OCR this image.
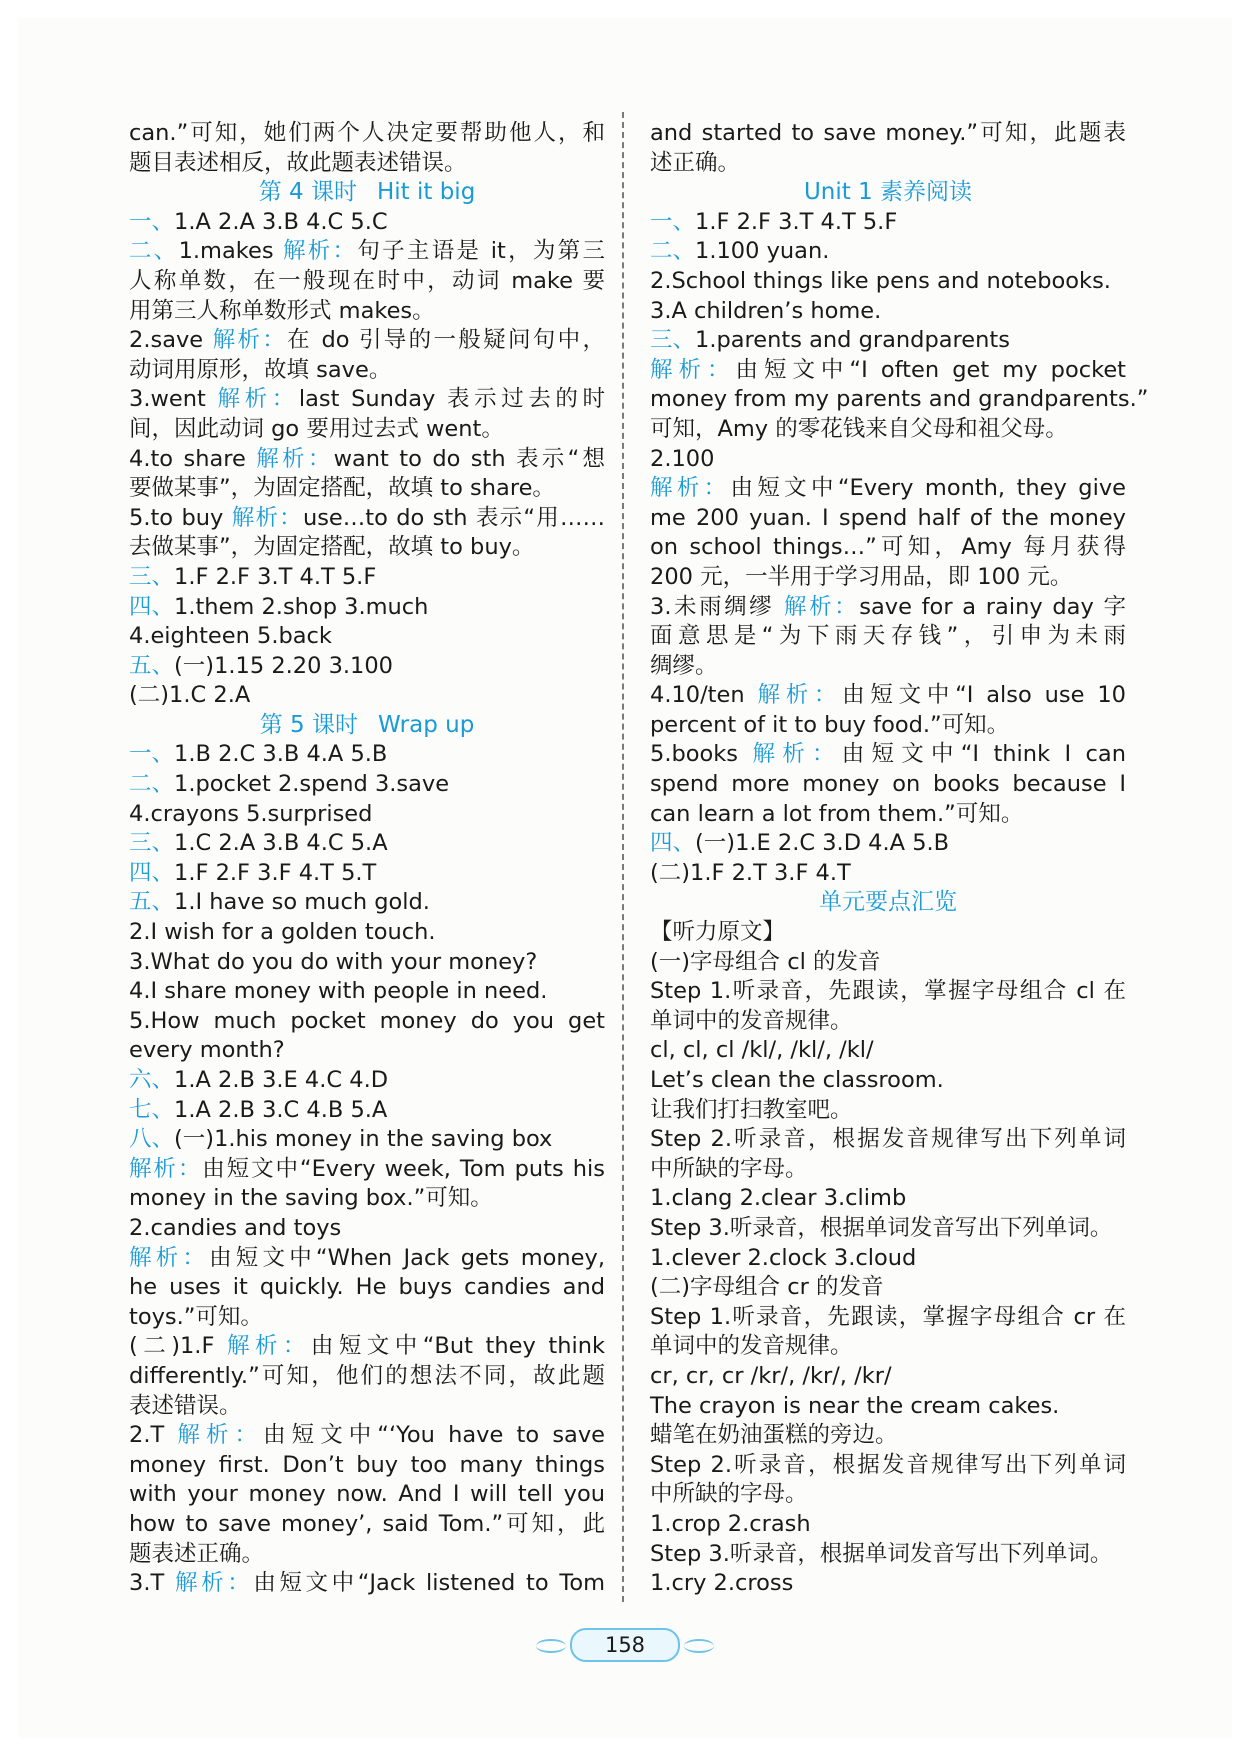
can.”可知，她们两个人决定要帮助他人，和
题目表述相反，故此题表述错误。
第 4 课时 Hit it big
一、1.A 2.A 3.B 4.C 5.C
二、1.makes 解析：句子主语是 it，为第三
人称单数，在一般现在时中，动词 make 要
用第三人称单数形式 makes。
2.save 解析：在 do 引导的一般疑问句中，
动词用原形，故填 save。
3.went 解析：last Sunday 表示过去的时
间，因此动词 go 要用过去式 went。
4.to share 解析：want to do sth 表示“想
要做某事”，为固定搭配，故填 to share。
5.to buy 解析：use…to do sth 表示“用……
去做某事”，为固定搭配，故填 to buy。
三、1.F 2.F 3.T 4.T 5.F
四、1.them 2.shop 3.much
4.eighteen 5.back
五、(一)1.15 2.20 3.100
(二)1.C 2.A
第 5 课时 Wrap up
一、1.B 2.C 3.B 4.A 5.B
二、1.pocket 2.spend 3.save
4.crayons 5.surprised
三、1.C 2.A 3.B 4.C 5.A
四、1.F 2.F 3.F 4.T 5.T
五、1.I have so much gold.
2.I wish for a golden touch.
3.What do you do with your money?
4.I share money with people in need.
5.How much pocket money do you get
every month?
六、1.A 2.B 3.E 4.C 4.D
七、1.A 2.B 3.C 4.B 5.A
八、(一)1.his money in the saving box
解析：由短文中“Every week, Tom puts his
money in the saving box.”可知。
2.candies and toys
解析：由短文中“When Jack gets money,
he uses it quickly. He buys candies and
toys.”可知。
(二)1.F 解析：由短文中“But they think
differently.”可知，他们的想法不同，故此题
表述错误。
2.T 解析：由短文中“‘You have to save
money first. Don’t buy too many things
with your money now. And I will tell you
how to save money’, said Tom.”可知，此
题表述正确。
3.T 解析：由短文中“Jack listened to Tom
and started to save money.”可知，此题表
述正确。
Unit 1 素养阅读
一、1.F 2.F 3.T 4.T 5.F
二、1.100 yuan.
2.School things like pens and notebooks.
3.A children’s home.
三、1.parents and grandparents
解析：由短文中“I often get my pocket
money from my parents and grandparents.”
可知，Amy 的零花钱来自父母和祖父母。
2.100
解析：由短文中“Every month, they give
me 200 yuan. I spend half of the money
on school things…”可知，Amy 每月获得
200 元，一半用于学习用品，即 100 元。
3.未雨绸缪 解析：save for a rainy day 字
面意思是“为下雨天存钱”，引申为未雨
绸缪。
4.10/ten 解析：由短文中“I also use 10
percent of it to buy food.”可知。
5.books 解析：由短文中“I think I can
spend more money on books because I
can learn a lot from them.”可知。
四、(一)1.E 2.C 3.D 4.A 5.B
(二)1.F 2.T 3.F 4.T
单元要点汇览
【听力原文】
(一)字母组合 cl 的发音
Step 1.听录音，先跟读，掌握字母组合 cl 在
单词中的发音规律。
cl, cl, cl /kl/, /kl/, /kl/
Let’s clean the classroom.
让我们打扫教室吧。
Step 2.听录音，根据发音规律写出下列单词
中所缺的字母。
1.clang 2.clear 3.climb
Step 3.听录音，根据单词发音写出下列单词。
1.clever 2.clock 3.cloud
(二)字母组合 cr 的发音
Step 1.听录音，先跟读，掌握字母组合 cr 在
单词中的发音规律。
cr, cr, cr /kr/, /kr/, /kr/
The crayon is near the cream cakes.
蜡笔在奶油蛋糕的旁边。
Step 2.听录音，根据发音规律写出下列单词
中所缺的字母。
1.crop 2.crash
Step 3.听录音，根据单词发音写出下列单词。
1.cry 2.cross
158
